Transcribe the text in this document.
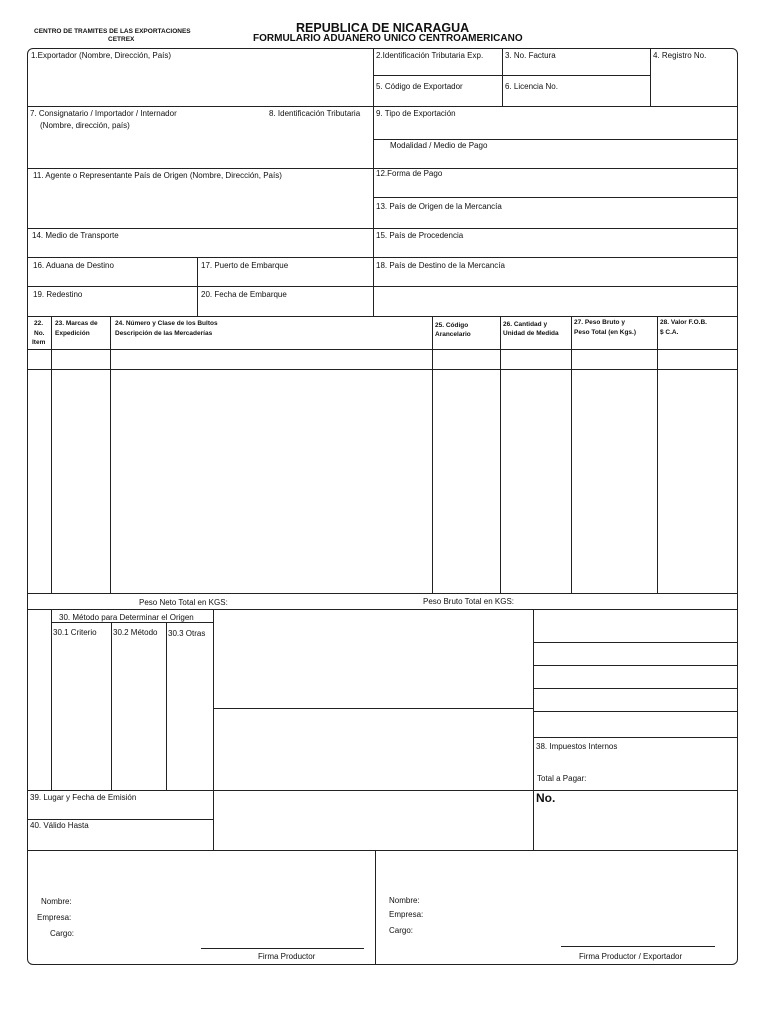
CENTRO DE TRAMITES DE LAS EXPORTACIONES
CETREX
REPUBLICA DE NICARAGUA
FORMULARIO ADUANERO UNICO CENTROAMERICANO
1.Exportador (Nombre, Dirección, País)	2.Identificación Tributaria Exp.	3. No. Factura	4. Registro No.
5. Código de Exportador	6. Licencia No.
7. Consignatario / Importador / Internador
(Nombre, dirección, país)
8. Identificación Tributaria 9. Tipo de Exportación
Modalidad / Medio de Pago
11. Agente o Representante País de Origen (Nombre, Dirección, País)	12.Forma de Pago
13. País de Origen de la Mercancía
14. Medio de Transporte	15. País de Procedencia
16. Aduana de Destino	17. Puerto de Embarque	18. País de Destino de la Mercancía
19. Redestino	20. Fecha de Embarque
22.
No.
Item
23. Marcas de
Expedición
24. Número y Clase de los Bultos
Descripción de las Mercaderías
25. Código
Arancelario
26. Cantidad y
Unidad de Medida
27. Peso Bruto y
Peso Total (en Kgs.)
28. Valor F.O.B.
$ C.A.
Peso Neto Total en KGS:	Peso Bruto Total en KGS:
30. Método para Determinar el Origen
30.1 Criterio 30.2 Método 30.3 Otras
38. Impuestos Internos
Total a Pagar:
39. Lugar y Fecha de Emisión
40. Válido Hasta
No.
Nombre:
Empresa:
Cargo:
Firma Productor
Nombre:
Empresa:
Cargo:
Firma Productor / Exportador
